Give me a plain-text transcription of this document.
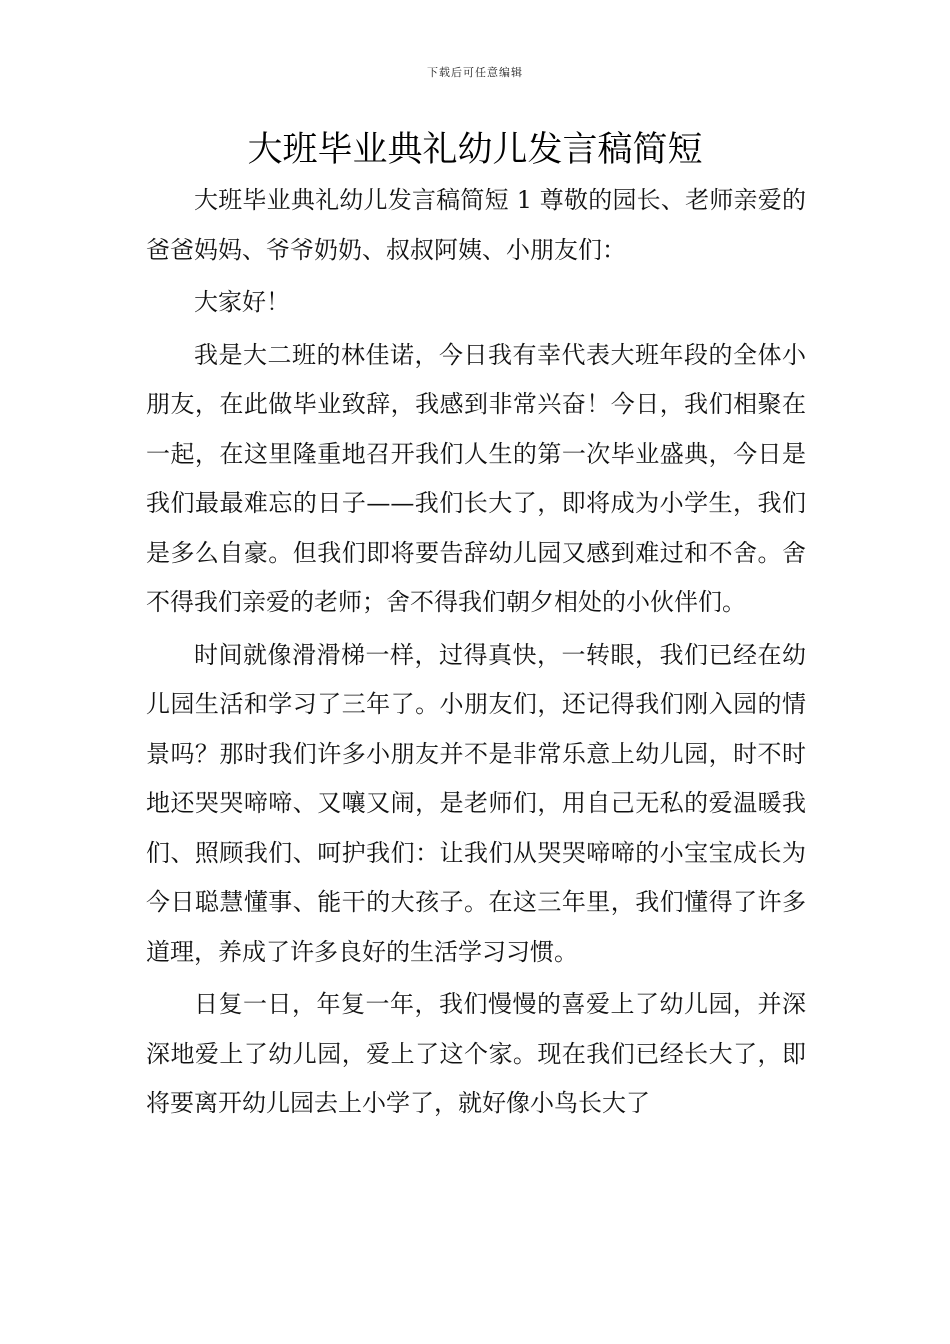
下载后可任意编辑
大班毕业典礼幼儿发言稿简短

大班毕业典礼幼儿发言稿简短 1 尊敬的园长、老师亲爱的爸爸妈妈、爷爷奶奶、叔叔阿姨、小朋友们：

大家好！

我是大二班的林佳诺，今日我有幸代表大班年段的全体小朋友，在此做毕业致辞，我感到非常兴奋！今日，我们相聚在一起，在这里隆重地召开我们人生的第一次毕业盛典，今日是我们最最难忘的日子——我们长大了，即将成为小学生，我们是多么自豪。但我们即将要告辞幼儿园又感到难过和不舍。舍不得我们亲爱的老师；舍不得我们朝夕相处的小伙伴们。

时间就像滑滑梯一样，过得真快，一转眼，我们已经在幼儿园生活和学习了三年了。小朋友们，还记得我们刚入园的情景吗？那时我们许多小朋友并不是非常乐意上幼儿园，时不时地还哭哭啼啼、又嚷又闹，是老师们，用自己无私的爱温暖我们、照顾我们、呵护我们：让我们从哭哭啼啼的小宝宝成长为今日聪慧懂事、能干的大孩子。在这三年里，我们懂得了许多道理，养成了许多良好的生活学习习惯。

日复一日，年复一年，我们慢慢的喜爱上了幼儿园，并深深地爱上了幼儿园，爱上了这个家。现在我们已经长大了，即将要离开幼儿园去上小学了，就好像小鸟长大了
